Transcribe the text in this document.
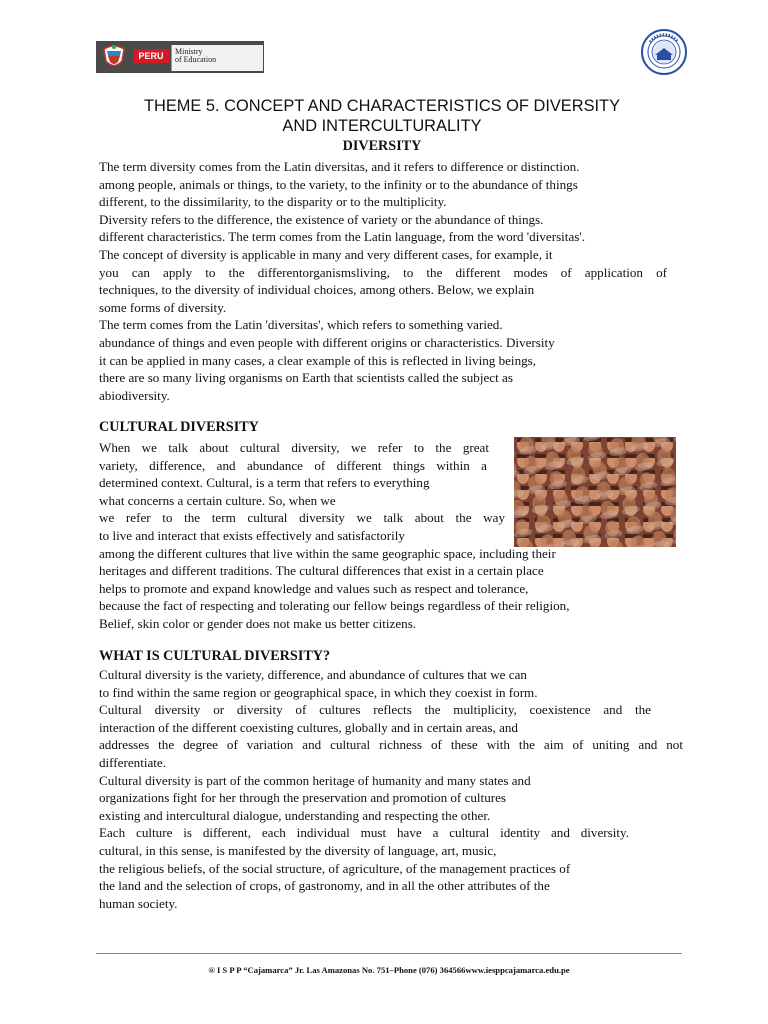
PERU	Ministry
of Education
THEME 5. CONCEPT AND CHARACTERISTICS OF DIVERSITY
AND INTERCULTURALITY
DIVERSITY
The term diversity comes from the Latin diversitas, and it refers to difference or distinction.
among people, animals or things, to the variety, to the infinity or to the abundance of things
different, to the dissimilarity, to the disparity or to the multiplicity.
Diversity refers to the difference, the existence of variety or the abundance of things.
different characteristics. The term comes from the Latin language, from the word 'diversitas'.
The concept of diversity is applicable in many and very different cases, for example, it
you can apply to the differentorganismsliving, to the different modes of application of
techniques, to the diversity of individual choices, among others. Below, we explain
some forms of diversity.
The term comes from the Latin 'diversitas', which refers to something varied.
abundance of things and even people with different origins or characteristics. Diversity
it can be applied in many cases, a clear example of this is reflected in living beings,
there are so many living organisms on Earth that scientists called the subject as
abiodiversity.
CULTURAL DIVERSITY
When we talk about cultural diversity, we refer to the great
variety, difference, and abundance of different things within a
determined context. Cultural, is a term that refers to everything
what concerns a certain culture. So, when we
we refer to the term cultural diversity we talk about the way
to live and interact that exists effectively and satisfactorily
among the different cultures that live within the same geographic space, including their
heritages and different traditions. The cultural differences that exist in a certain place
helps to promote and expand knowledge and values such as respect and tolerance,
because the fact of respecting and tolerating our fellow beings regardless of their religion,
Belief, skin color or gender does not make us better citizens.
WHAT IS CULTURAL DIVERSITY?
Cultural diversity is the variety, difference, and abundance of cultures that we can
to find within the same region or geographical space, in which they coexist in form.
Cultural diversity or diversity of cultures reflects the multiplicity, coexistence and the
interaction of the different coexisting cultures, globally and in certain areas, and
addresses the degree of variation and cultural richness of these with the aim of uniting and not
differentiate.
Cultural diversity is part of the common heritage of humanity and many states and
organizations fight for her through the preservation and promotion of cultures
existing and intercultural dialogue, understanding and respecting the other.
Each culture is different, each individual must have a cultural identity and diversity.
cultural, in this sense, is manifested by the diversity of language, art, music,
the religious beliefs, of the social structure, of agriculture, of the management practices of
the land and the selection of crops, of gastronomy, and in all the other attributes of the
human society.
® I S P P “Cajamarca” Jr. Las Amazonas No. 751–Phone (076) 364566www.iesppcajamarca.edu.pe
